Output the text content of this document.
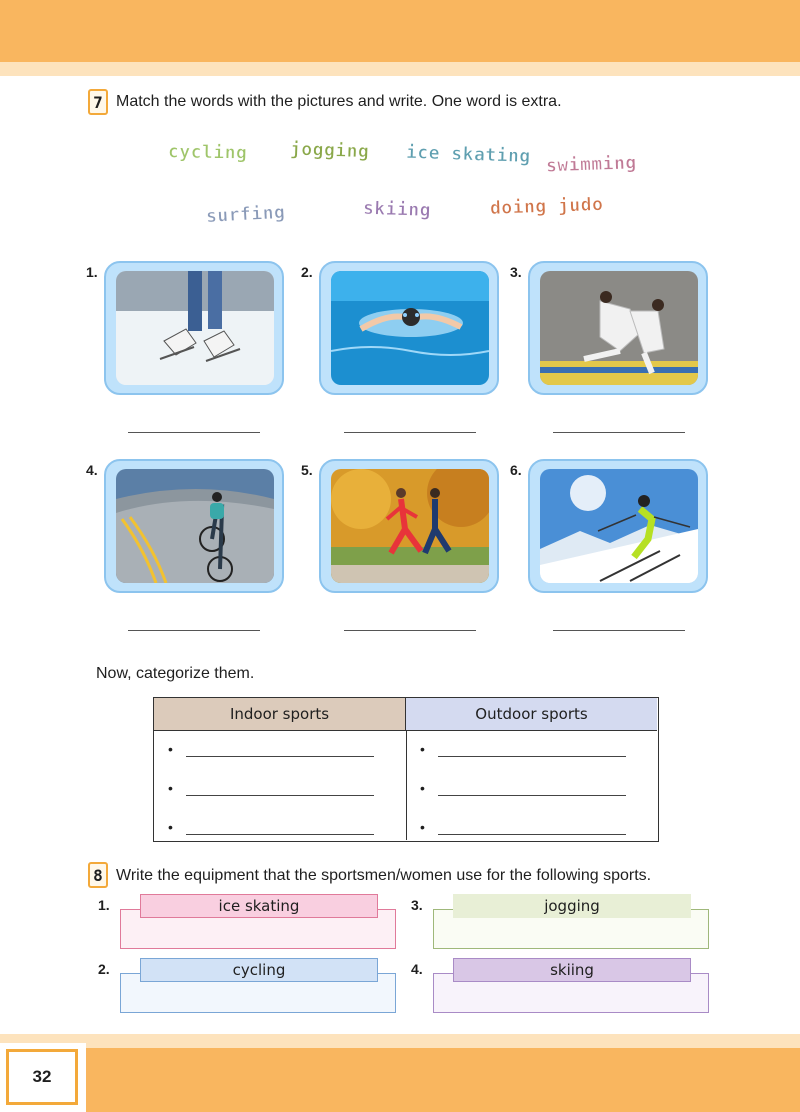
32
7 Match the words with the pictures and write. One word is extra.
cycling jogging ice skating swimming
surfing	skiing	doing judo
1.	2.	3.
4.	5.	6.
Now, categorize them.
Indoor sports	Outdoor sports
•
•
•
•
•
•
8 Write the equipment that the sportsmen/women use for the following sports.
1.	ice skating
2.	cycling
3.	jogging
4.	skiing
